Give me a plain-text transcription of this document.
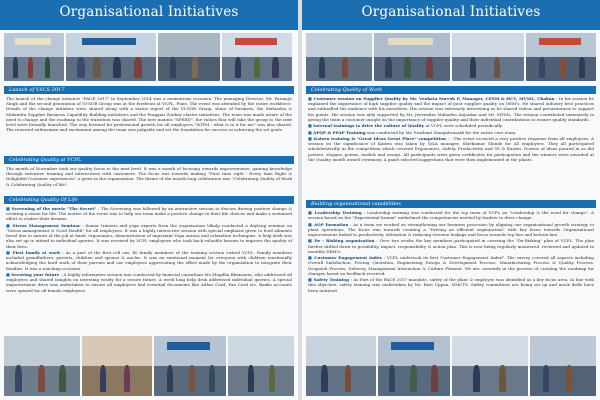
Organisational Initiatives
Launch of VSCS 2017
The launch of the change initiative "PACE 2017" in September 2014 was a momentous occasion. The managing Director, Mr. Paramjit Singh and the second generation of VI-SOR Group was at the forefront at VCPL, Pune. The event was attended by the entire workforce. Details of the change initiative were shared along with a status report of the VI-SOR Group, share of business, the Mahindra & Mahindra Supplier Business Capability Building initiatives and the Praggati Zonkey cluster initiatives. The team was made aware of the need to change and the roadmap to the transition was shared. The new mantra "SPEED", the values that will take the group to the next level were formally launched. The way forward for professional growth for all employees "WIFM - what is in it for me" was also shared. The renewed enthusiasm and excitement among the team was palpable and set the foundation for success in achieving the set goals.
Celebrating Quality at VCPL
The month of November took our quality focus to the next level. It was a month of focusing towards improvements, gaining knowledge through extensive training and interactions with customers. The focus was towards making "First time right - Every time Right & Delightful Customer experiences" a given in the organization. The theme of the month long celebration was "Celebrating Quality of Work & Celebrating Quality of life".
Celebrating Quality Of Life
■ Screening of the movie "The Secret" : The Screening was followed by an interactive session to discuss driving positive change & creating a vision for life. The motive of the event was to help our team make a positive change in their life choices and make a sustained effort to realise their dreams.
■ Stress Management Seminar : Senior trainers and yoga experts from the organisation Vikalp conducted a daylong seminar on "Stress management & Good Health" for all employees. It was a highly interactive session with special emphasis given to food ailments faced due to nature of the job at hand, ergonomics, demonstration of important Yoga asanas and relaxation techniques. A help desk was also set up to attend to individual queries. It was received by VCPL employees who took back valuable lessons to improve the quality of their lives.
■ First family at work : As a part of the first roll out, 40 family members of the training section visited VCPL. Family members included grandfathers, parents, children and spouse & uncles. It was an emotional moment for everyone with children emotionally acknowledging the hard work of their parents and our employees appreciating the effort made by the organisation to integrate their families. It was a touching occasion.
■ Securing your future : A highly informative session was conducted by financial consultant Ms Mugdha Bhimsaria, who addressed all employees and shared insights on investing wisely for a secure future. A week long help desk addressed individual queries. A special empowerment drive was undertaken to ensure all employees had essential documents like Adhar Card, Pan Card etc. Banks accounts were opened for all female employees.
Organisational Initiatives
Celebrating Quality of Work
■ Customer session on Supplier Quality by Mr. Venkata Suresh P, Manager, CESM & HCV, MVML, Chakan : In his session he explained the importance of high supplier quality and the impact of poor supplier quality on OEM's. He shared industry best practices and enthralled the audience with his anecdotes. His session was extremely interesting as he shared videos and presentations to support his points. His session was ably supported by Mr. Jeevendra Mahadeo Anjankar and Mr. MVML. The session contributed immensely in giving the team a customer insight on the importance of supplier quality and their individual contributions to ensure quality standards.
■ Internal trainings to drive the culture of Quality at VCPL were scheduled periodically.
■ APQP & PPAP Training was conducted by Mr. Prashant Mangalwasath for the entire core team.
■ Kaizen training & "Great Ideas Great Place" competition : - The event received a very positive response from all employees. A session on the significance of Kaizen was taken by Q&A manager, Shivkumar Shinde for all employees. They all participated wholeheartedly in the competition which covered Ergonomics, Safety, Productivity and 5S & Kaizen. Dozens of ideas poured in as did posters, slogans, poems, models and essays. All participants were given certificates for participation and the winners were awarded at the Quality month award ceremony. A panel selected suggestions that were then implemented at the plants.
Building organisational capabilities
■ Leadership Training : Leadership training was conducted for the top team of VCPL on "Leadership & the need for change". A session based on the "Experiential format" underlined the competencies needed by leaders to drive change.
■ AOP formation : As a team we worked on strengthening our business processes by aligning our organisational growth strategy to plant operations. The focus was towards creating a "Driving an efficient organisation" with key focus towards Organisational improvements linked to productivity, utilisation & reducing revenue leakage and focus towards top line and bottom line.
■ De - Risking organisation : Over two weeks the key members participated in covering the "De-Risking" plan of VCPL. The plan further drilled down to possibility, impact, responsibility & action plan. This is now being regularly monitored, reviewed and updated in monthly DRM's.
■ Customer Engagement Index : VCPL undertook its first Customer Engagement Index*. The survey covered all aspects including Overall Satisfaction, Pricing Quotation, Engineering Design & Development Process, Manufacturing Process & Quality Process, Despatch Process, Delivery, Management Interaction & Culture Fitment. We are currently in the process of creating the roadmap for changes based on feedback received.
■ Safety Training : As Part of the PACE 2017 mandate, safety of the plant & employee was identified as a key focus area. In line with this objective, safety training was undertaken by Mr. Ravi Uppan, NMCTS. Safety committees are being set up and mock drills have been initiated.
